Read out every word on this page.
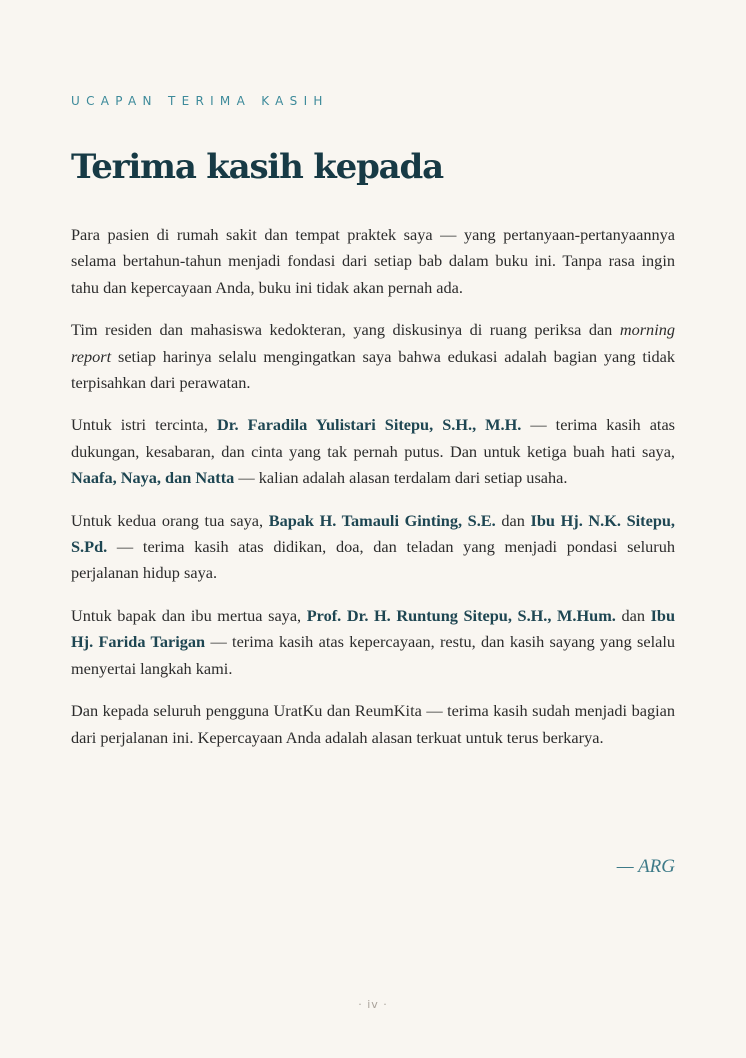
UCAPAN TERIMA KASIH
Terima kasih kepada

Para pasien di rumah sakit dan tempat praktek saya — yang pertanyaan-pertanyaannya selama bertahun-tahun menjadi fondasi dari setiap bab dalam buku ini. Tanpa rasa ingin tahu dan kepercayaan Anda, buku ini tidak akan pernah ada.

Tim residen dan mahasiswa kedokteran, yang diskusinya di ruang periksa dan morning report setiap harinya selalu mengingatkan saya bahwa edukasi adalah bagian yang tidak terpisahkan dari perawatan.

Untuk istri tercinta, Dr. Faradila Yulistari Sitepu, S.H., M.H. — terima kasih atas dukungan, kesabaran, dan cinta yang tak pernah putus. Dan untuk ketiga buah hati saya, Naafa, Naya, dan Natta — kalian adalah alasan terdalam dari setiap usaha.

Untuk kedua orang tua saya, Bapak H. Tamauli Ginting, S.E. dan Ibu Hj. N.K. Sitepu, S.Pd. — terima kasih atas didikan, doa, dan teladan yang menjadi pondasi seluruh perjalanan hidup saya.

Untuk bapak dan ibu mertua saya, Prof. Dr. H. Runtung Sitepu, S.H., M.Hum. dan Ibu Hj. Farida Tarigan — terima kasih atas kepercayaan, restu, dan kasih sayang yang selalu menyertai langkah kami.

Dan kepada seluruh pengguna UratKu dan ReumKita — terima kasih sudah menjadi bagian dari perjalanan ini. Kepercayaan Anda adalah alasan terkuat untuk terus berkarya.

— ARG
· iv ·
